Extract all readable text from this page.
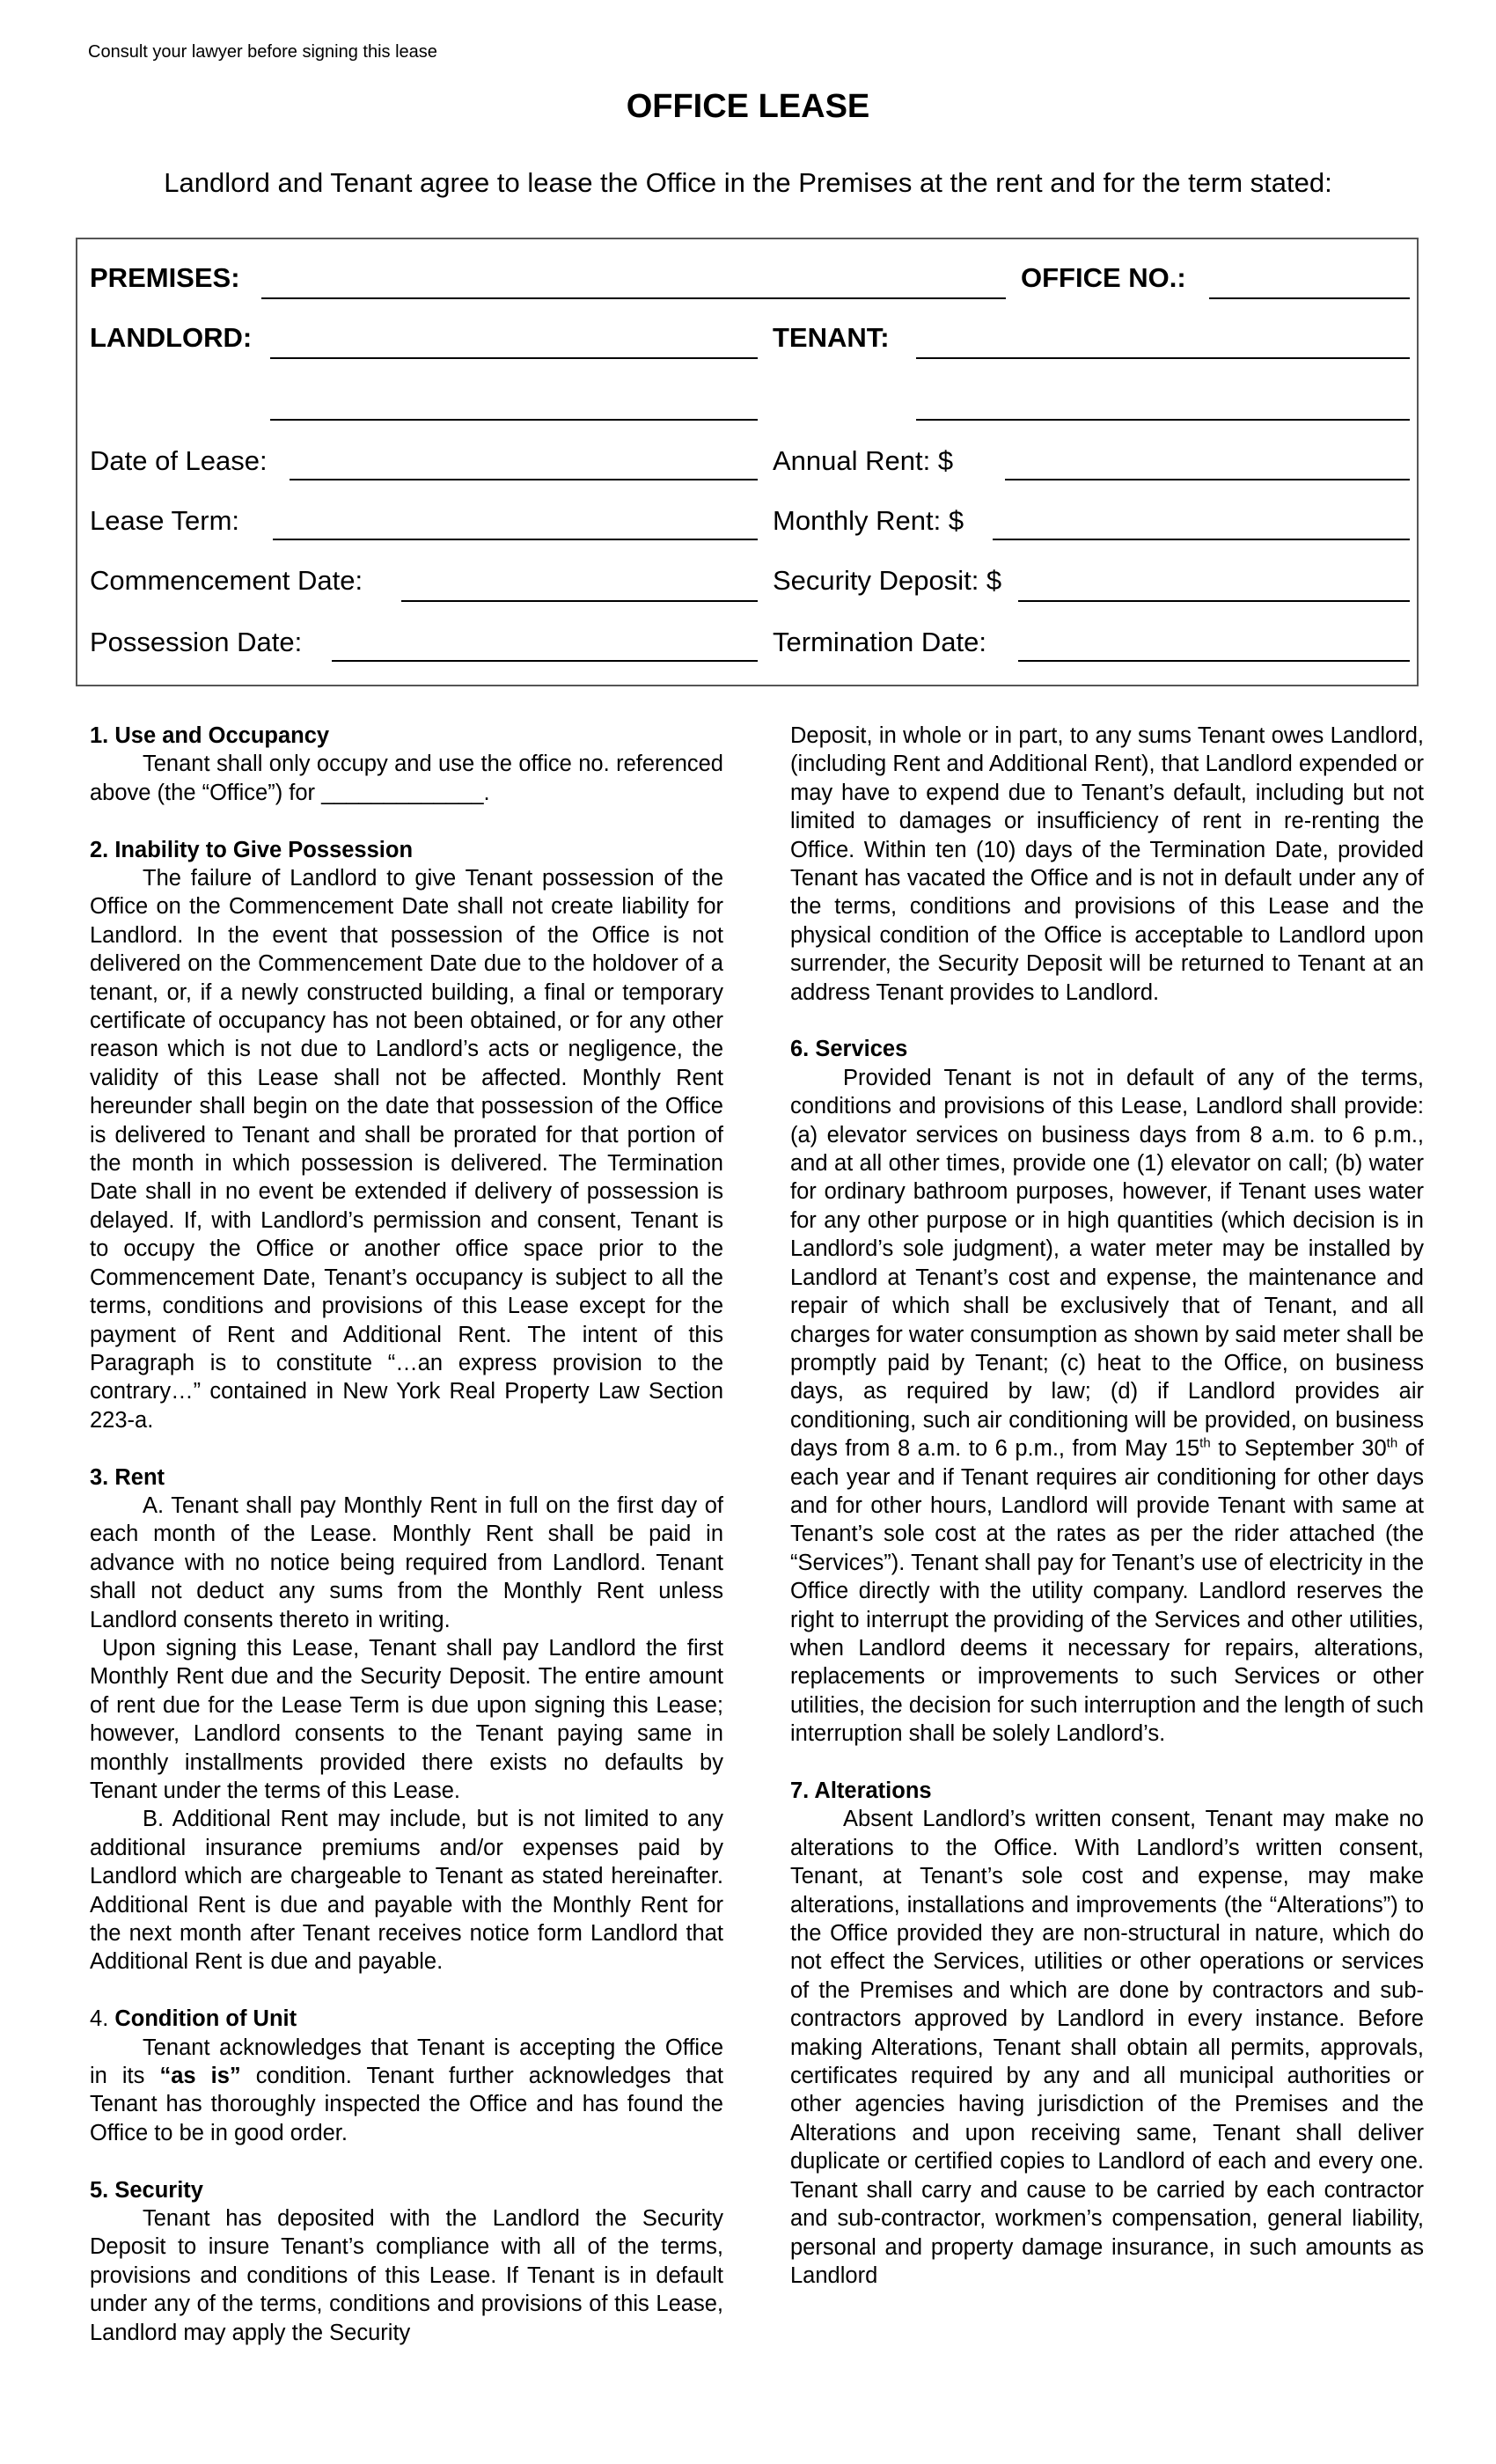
Consult your lawyer before signing this lease
OFFICE LEASE
Landlord and Tenant agree to lease the Office in the Premises at the rent and for the term stated:
PREMISES:	OFFICE NO.:
LANDLORD:	TENANT:
Date of Lease:	Annual Rent: $
Lease Term:	Monthly Rent: $
Commencement Date:	Security Deposit: $
Possession Date:	Termination Date:

1. Use and Occupancy

Tenant shall only occupy and use the office no. referenced above (the “Office”) for _____________.

2. Inability to Give Possession

The failure of Landlord to give Tenant possession of the Office on the Commencement Date shall not create liability for Landlord. In the event that possession of the Office is not delivered on the Commencement Date due to the holdover of a tenant, or, if a newly constructed building, a final or temporary certificate of occupancy has not been obtained, or for any other reason which is not due to Landlord’s acts or negligence, the validity of this Lease shall not be affected. Monthly Rent hereunder shall begin on the date that possession of the Office is delivered to Tenant and shall be prorated for that portion of the month in which possession is delivered. The Termination Date shall in no event be extended if delivery of possession is delayed. If, with Landlord’s permission and consent, Tenant is to occupy the Office or another office space prior to the Commencement Date, Tenant’s occupancy is subject to all the terms, conditions and provisions of this Lease except for the payment of Rent and Additional Rent. The intent of this Paragraph is to constitute “…an express provision to the contrary…” contained in New York Real Property Law Section 223-a.

3. Rent

A. Tenant shall pay Monthly Rent in full on the first day of each month of the Lease. Monthly Rent shall be paid in advance with no notice being required from Landlord. Tenant shall not deduct any sums from the Monthly Rent unless Landlord consents thereto in writing.

Upon signing this Lease, Tenant shall pay Landlord the first Monthly Rent due and the Security Deposit. The entire amount of rent due for the Lease Term is due upon signing this Lease; however, Landlord consents to the Tenant paying same in monthly installments provided there exists no defaults by Tenant under the terms of this Lease.

B. Additional Rent may include, but is not limited to any additional insurance premiums and/or expenses paid by Landlord which are chargeable to Tenant as stated hereinafter. Additional Rent is due and payable with the Monthly Rent for the next month after Tenant receives notice form Landlord that Additional Rent is due and payable.

4. Condition of Unit

Tenant acknowledges that Tenant is accepting the Office in its “as is” condition. Tenant further acknowledges that Tenant has thoroughly inspected the Office and has found the Office to be in good order.

5. Security

Tenant has deposited with the Landlord the Security Deposit to insure Tenant’s compliance with all of the terms, provisions and conditions of this Lease. If Tenant is in default under any of the terms, conditions and provisions of this Lease, Landlord may apply the Security

Deposit, in whole or in part, to any sums Tenant owes Landlord, (including Rent and Additional Rent), that Landlord expended or may have to expend due to Tenant’s default, including but not limited to damages or insufficiency of rent in re-renting the Office. Within ten (10) days of the Termination Date, provided Tenant has vacated the Office and is not in default under any of the terms, conditions and provisions of this Lease and the physical condition of the Office is acceptable to Landlord upon surrender, the Security Deposit will be returned to Tenant at an address Tenant provides to Landlord.

6. Services

Provided Tenant is not in default of any of the terms, conditions and provisions of this Lease, Landlord shall provide: (a) elevator services on business days from 8 a.m. to 6 p.m., and at all other times, provide one (1) elevator on call; (b) water for ordinary bathroom purposes, however, if Tenant uses water for any other purpose or in high quantities (which decision is in Landlord’s sole judgment), a water meter may be installed by Landlord at Tenant’s cost and expense, the maintenance and repair of which shall be exclusively that of Tenant, and all charges for water consumption as shown by said meter shall be promptly paid by Tenant; (c) heat to the Office, on business days, as required by law; (d) if Landlord provides air conditioning, such air conditioning will be provided, on business days from 8 a.m. to 6 p.m., from May 15th to September 30th of each year and if Tenant requires air conditioning for other days and for other hours, Landlord will provide Tenant with same at Tenant’s sole cost at the rates as per the rider attached (the “Services”). Tenant shall pay for Tenant’s use of electricity in the Office directly with the utility company. Landlord reserves the right to interrupt the providing of the Services and other utilities, when Landlord deems it necessary for repairs, alterations, replacements or improvements to such Services or other utilities, the decision for such interruption and the length of such interruption shall be solely Landlord’s.

7. Alterations

Absent Landlord’s written consent, Tenant may make no alterations to the Office. With Landlord’s written consent, Tenant, at Tenant’s sole cost and expense, may make alterations, installations and improvements (the “Alterations”) to the Office provided they are non-structural in nature, which do not effect the Services, utilities or other operations or services of the Premises and which are done by contractors and sub-contractors approved by Landlord in every instance. Before making Alterations, Tenant shall obtain all permits, approvals, certificates required by any and all municipal authorities or other agencies having jurisdiction of the Premises and the Alterations and upon receiving same, Tenant shall deliver duplicate or certified copies to Landlord of each and every one. Tenant shall carry and cause to be carried by each contractor and sub-contractor, workmen’s compensation, general liability, personal and property damage insurance, in such amounts as Landlord
